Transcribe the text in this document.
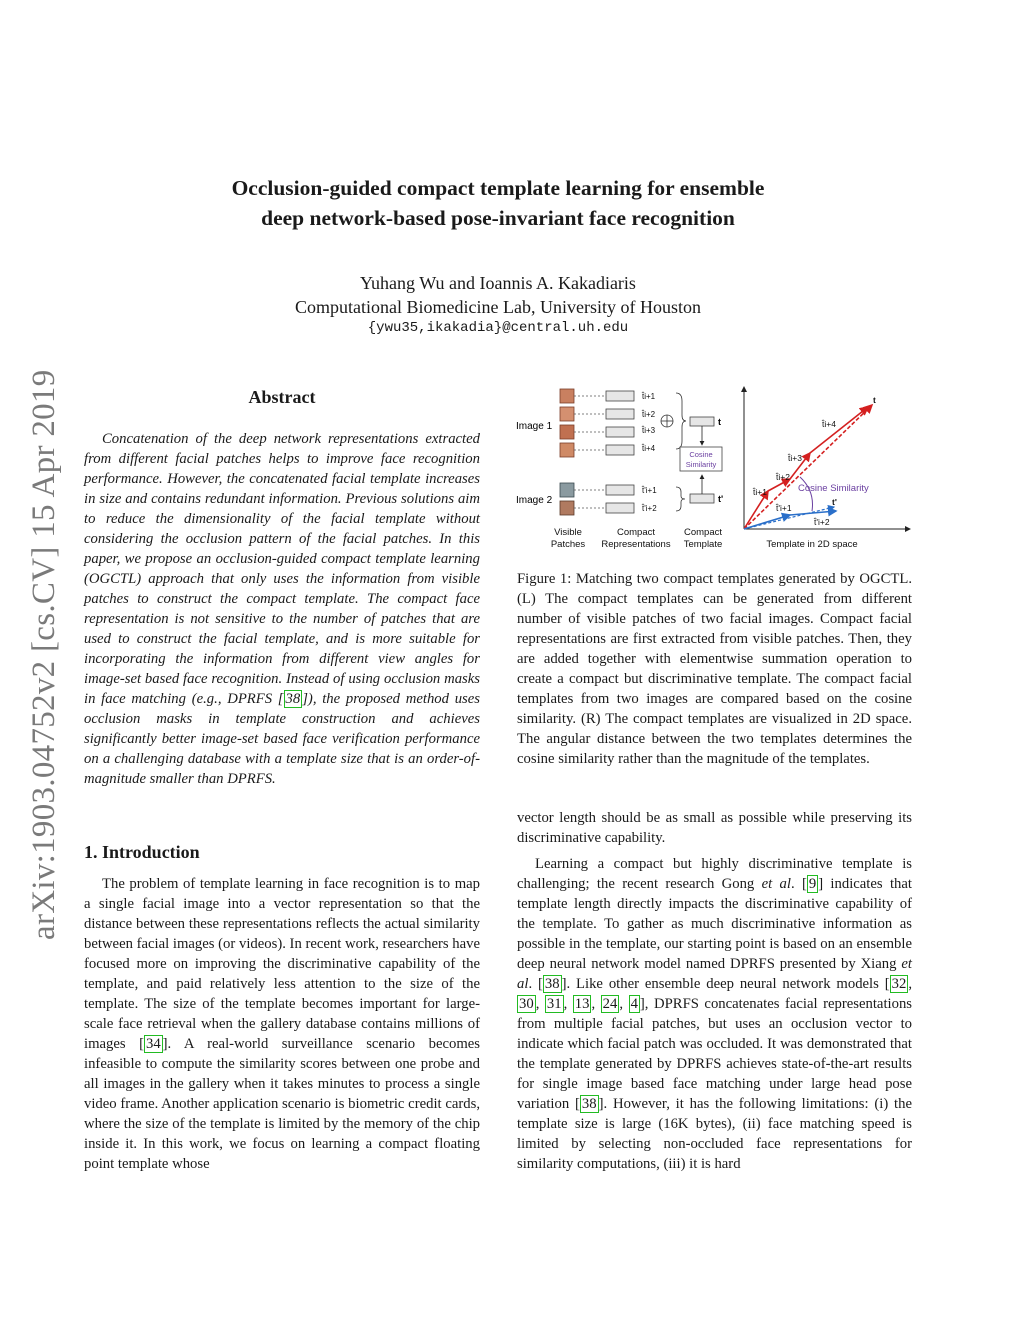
arXiv:1903.04752v2 [cs.CV] 15 Apr 2019
Occlusion-guided compact template learning for ensemble
deep network-based pose-invariant face recognition
Yuhang Wu and Ioannis A. Kakadiaris
Computational Biomedicine Lab, University of Houston
{ywu35,ikakadia}@central.uh.edu
Abstract

Concatenation of the deep network representations extracted from different facial patches helps to improve face recognition performance. However, the concatenated facial template increases in size and contains redundant information. Previous solutions aim to reduce the dimensionality of the facial template without considering the occlusion pattern of the facial patches. In this paper, we propose an occlusion-guided compact template learning (OGCTL) approach that only uses the information from visible patches to construct the compact template. The compact face representation is not sensitive to the number of patches that are used to construct the facial template, and is more suitable for incorporating the information from different view angles for image-set based face recognition. Instead of using occlusion masks in face matching (e.g., DPRFS [ 38 ]), the proposed method uses occlusion masks in template construction and achieves significantly better image-set based face verification performance on a challenging database with a template size that is an order-of-magnitude smaller than DPRFS.

1. Introduction

The problem of template learning in face recognition is to map a single facial image into a vector representation so that the distance between these representations reflects the actual similarity between facial images (or videos). In recent work, researchers have focused more on improving the discriminative capability of the template, and paid relatively less attention to the size of the template. The size of the template becomes important for large-scale face retrieval when the gallery database contains millions of images [ 34 ]. A real-world surveillance scenario becomes infeasible to compute the similarity scores between one probe and all images in the gallery when it takes minutes to process a single video frame. Another application scenario is biometric credit cards, where the size of the template is limited by the memory of the chip inside it. In this work, we focus on learning a compact floating point template whose

Image 1
Image 2
t̂i+1
t̂i+2
t̂i+3
t̂i+4
t̂'i+1
t̂'i+2
t
t'
Cosine
Similarity
Visible
Patches
Compact
Representations
Compact
Template
t
t̂i+4
t̂i+3
t̂i+2
t̂i+1
t̂'i+1
t'
t̂'i+2
Cosine Similarity
Template in 2D space
Figure 1: Matching two compact templates generated by OGCTL. (L) The compact templates can be generated from different number of visible patches of two facial images. Compact facial representations are first extracted from visible patches. Then, they are added together with elementwise summation operation to create a compact but discriminative template. The compact facial templates from two images are compared based on the cosine similarity. (R) The compact templates are visualized in 2D space. The angular distance between the two templates determines the cosine similarity rather than the magnitude of the templates.
vector length should be as small as possible while preserving its discriminative capability.

Learning a compact but highly discriminative template is challenging; the recent research Gong et al. [ 9 ] indicates that template length directly impacts the discriminative capability of the template. To gather as much discriminative information as possible in the template, our starting point is based on an ensemble deep neural network model named DPRFS presented by Xiang et al. [ 38 ]. Like other ensemble deep neural network models [ 32 , 30 , 31 , 13 , 24 , 4 ], DPRFS concatenates facial representations from multiple facial patches, but uses an occlusion vector to indicate which facial patch was occluded. It was demonstrated that the template generated by DPRFS achieves state-of-the-art results for single image based face matching under large head pose variation [ 38 ]. However, it has the following limitations: (i) the template size is large (16K bytes), (ii) face matching speed is limited by selecting non-occluded face representations for similarity computations, (iii) it is hard
